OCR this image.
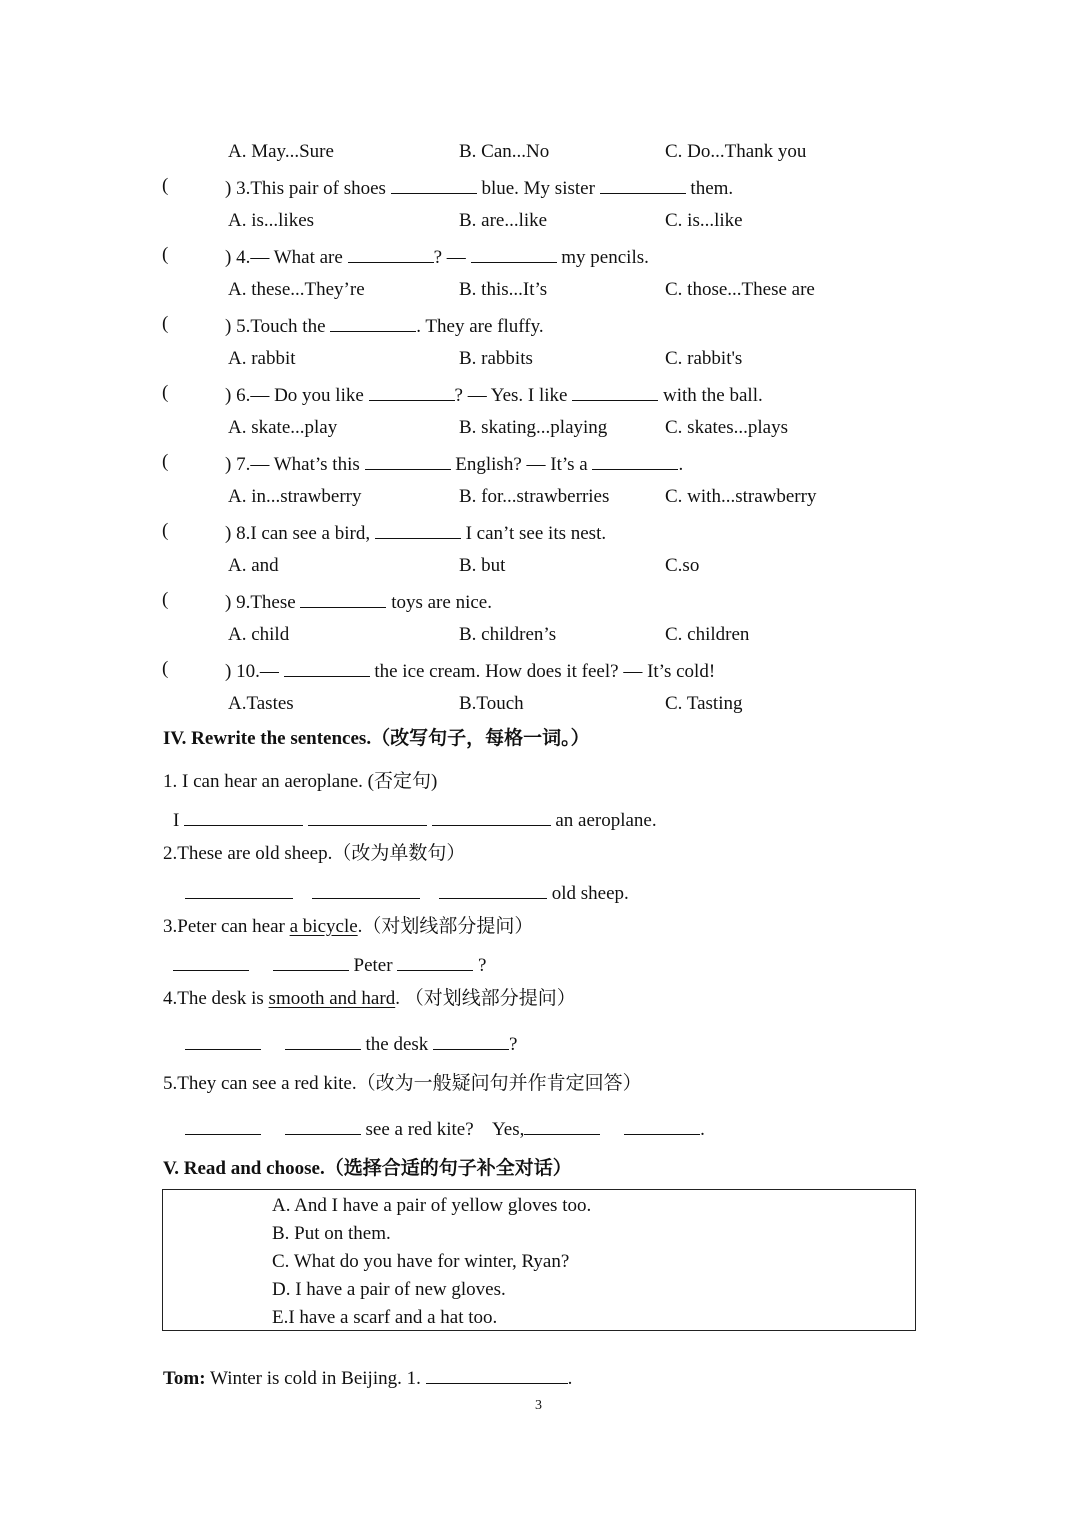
A. May...Sure	B. Can...No	C. Do...Thank you
(	) 3.This pair of shoes	blue. My sister	them.
A. is...likes	B. are...like	C. is...like
(	) 4.— What are	? —	my pencils.
A. these...They’re	B. this...It’s	C. those...These are
(	) 5.Touch the	. They are fluffy.
A. rabbit	B. rabbits	C. rabbit's
(	) 6.— Do you like	? — Yes. I like	with the ball.
A. skate...play	B. skating...playing	C. skates...plays
(	) 7.— What’s this	English? — It’s a	.
A. in...strawberry	B. for...strawberries	C. with...strawberry
(	) 8.I can see a bird,	I can’t see its nest.
A. and	B. but	C.so
(	) 9.These	toys are nice.
A. child	B. children’s	C. children
(	) 10.—	the ice cream. How does it feel? — It’s cold!
A.Tastes	B.Touch	C. Tasting
IV. Rewrite the sentences.（改写句子，每格一词。）
1. I can hear an aeroplane. (否定句)
I	an aeroplane.
2.These are old sheep.（改为单数句）
old sheep.
3.Peter can hear a bicycle.（对划线部分提问）
Peter	?
4.The desk is smooth and hard. （对划线部分提问）
the desk	?
5.They can see a red kite.（改为一般疑问句并作肯定回答）
see a red kite? Yes,	.
V. Read and choose.（选择合适的句子补全对话）
A. And I have a pair of yellow gloves too.
B. Put on them.
C. What do you have for winter, Ryan?
D. I have a pair of new gloves.
E.I have a scarf and a hat too.
Tom: Winter is cold in Beijing. 1.	.
3
